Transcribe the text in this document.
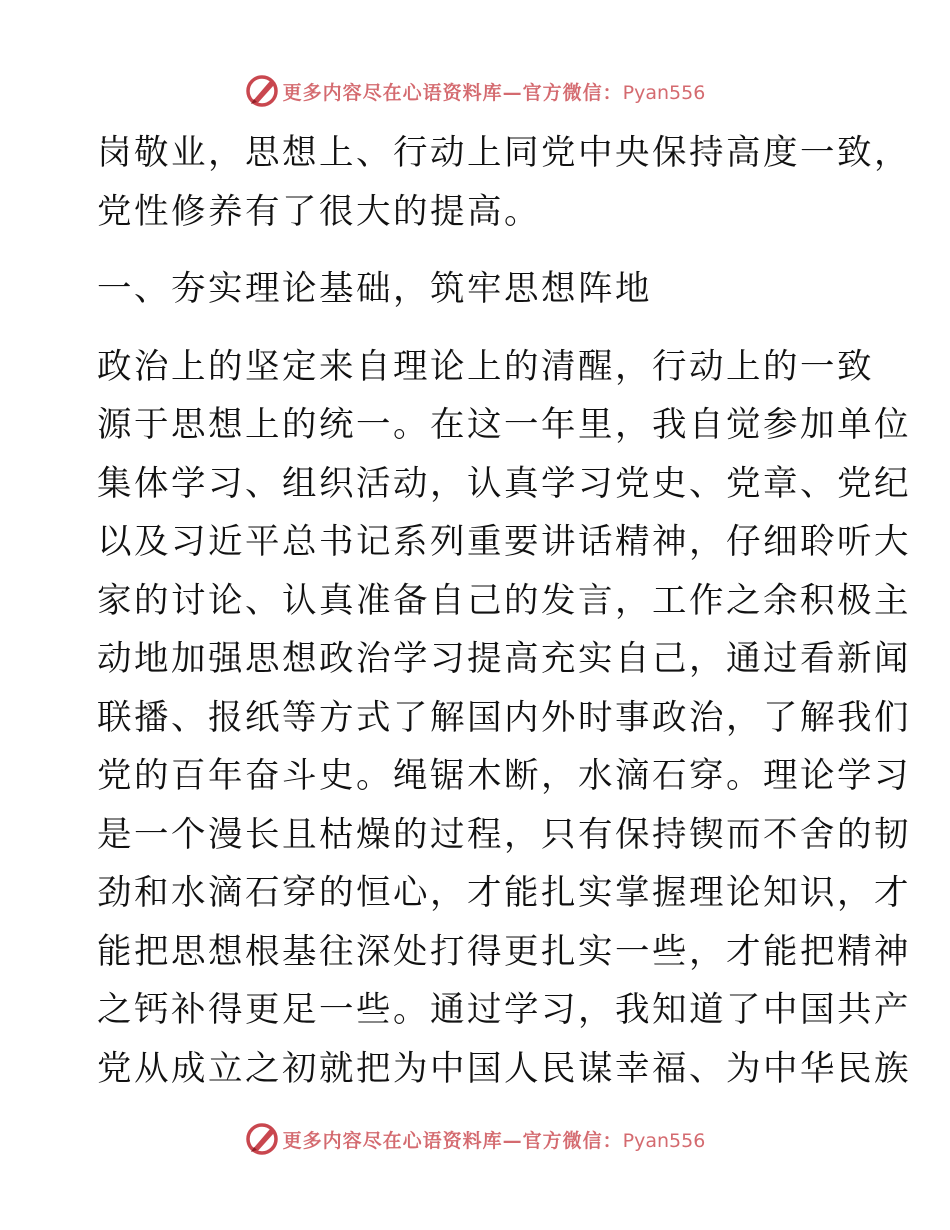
更多内容尽在心语资料库—官方微信：Pyan556

岗敬业，思想上、行动上同党中央保持高度一致，

党性修养有了很大的提高。

一、夯实理论基础，筑牢思想阵地

政治上的坚定来自理论上的清醒，行动上的一致

源于思想上的统一。在这一年里，我自觉参加单位

集体学习、组织活动，认真学习党史、党章、党纪

以及习近平总书记系列重要讲话精神，仔细聆听大

家的讨论、认真准备自己的发言，工作之余积极主

动地加强思想政治学习提高充实自己，通过看新闻

联播、报纸等方式了解国内外时事政治，了解我们

党的百年奋斗史。绳锯木断，水滴石穿。理论学习

是一个漫长且枯燥的过程，只有保持锲而不舍的韧

劲和水滴石穿的恒心，才能扎实掌握理论知识，才

能把思想根基往深处打得更扎实一些，才能把精神

之钙补得更足一些。通过学习，我知道了中国共产

党从成立之初就把为中国人民谋幸福、为中华民族

更多内容尽在心语资料库—官方微信：Pyan556
